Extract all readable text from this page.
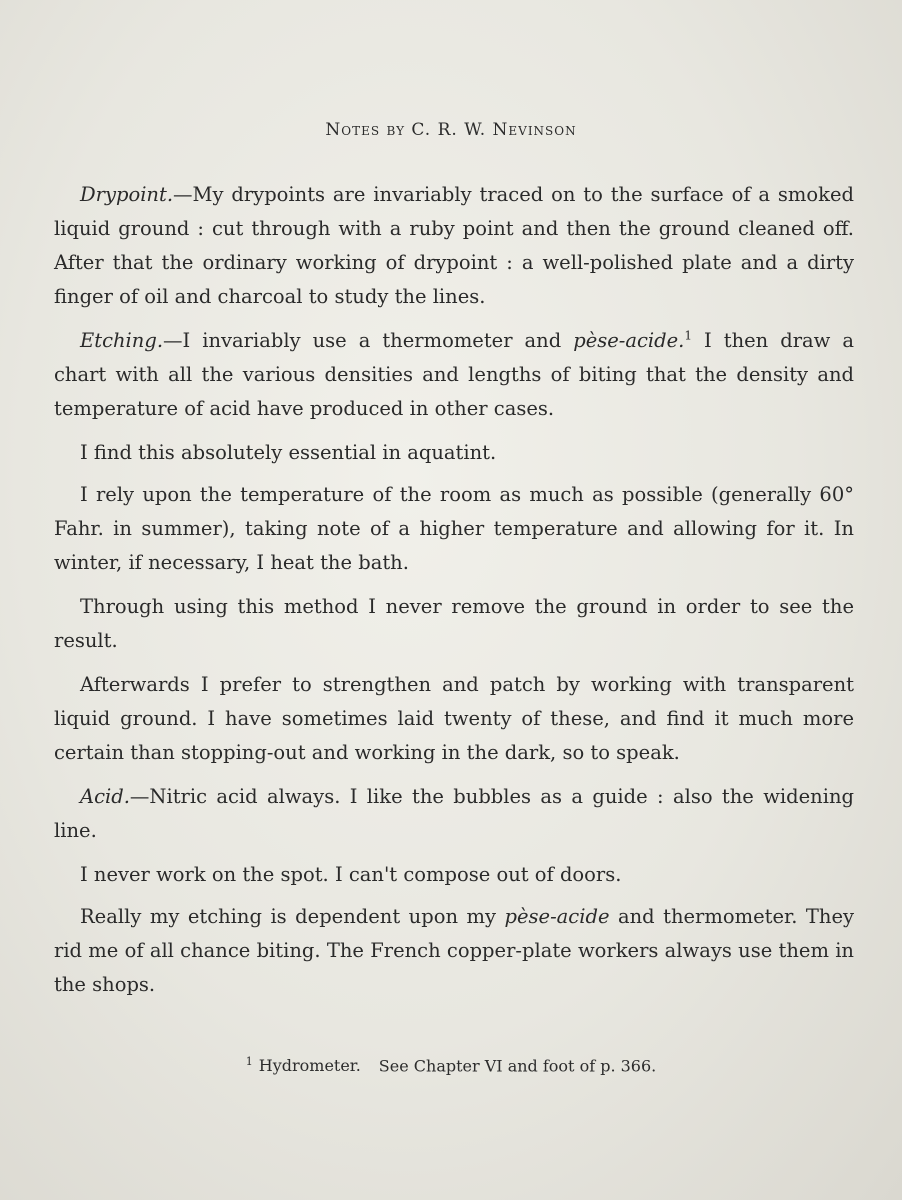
Notes by C. R. W. Nevinson

Drypoint.—My drypoints are invariably traced on to the surface of a smoked liquid ground : cut through with a ruby point and then the ground cleaned off. After that the ordinary working of drypoint : a well-polished plate and a dirty finger of oil and charcoal to study the lines.

Etching.—I invariably use a thermometer and pèse-acide.$^1$ I then draw a chart with all the various densities and lengths of biting that the density and temperature of acid have produced in other cases.

I find this absolutely essential in aquatint.

I rely upon the temperature of the room as much as possible (generally 60° Fahr. in summer), taking note of a higher temperature and allowing for it. In winter, if necessary, I heat the bath.

Through using this method I never remove the ground in order to see the result.

Afterwards I prefer to strengthen and patch by working with transparent liquid ground. I have sometimes laid twenty of these, and find it much more certain than stopping-out and working in the dark, so to speak.

Acid.—Nitric acid always. I like the bubbles as a guide : also the widening line.

I never work on the spot. I can't compose out of doors.

Really my etching is dependent upon my pèse-acide and thermometer. They rid me of all chance biting. The French copper-plate workers always use them in the shops.

$^1$ Hydrometer. See Chapter VI and foot of p. 366.
